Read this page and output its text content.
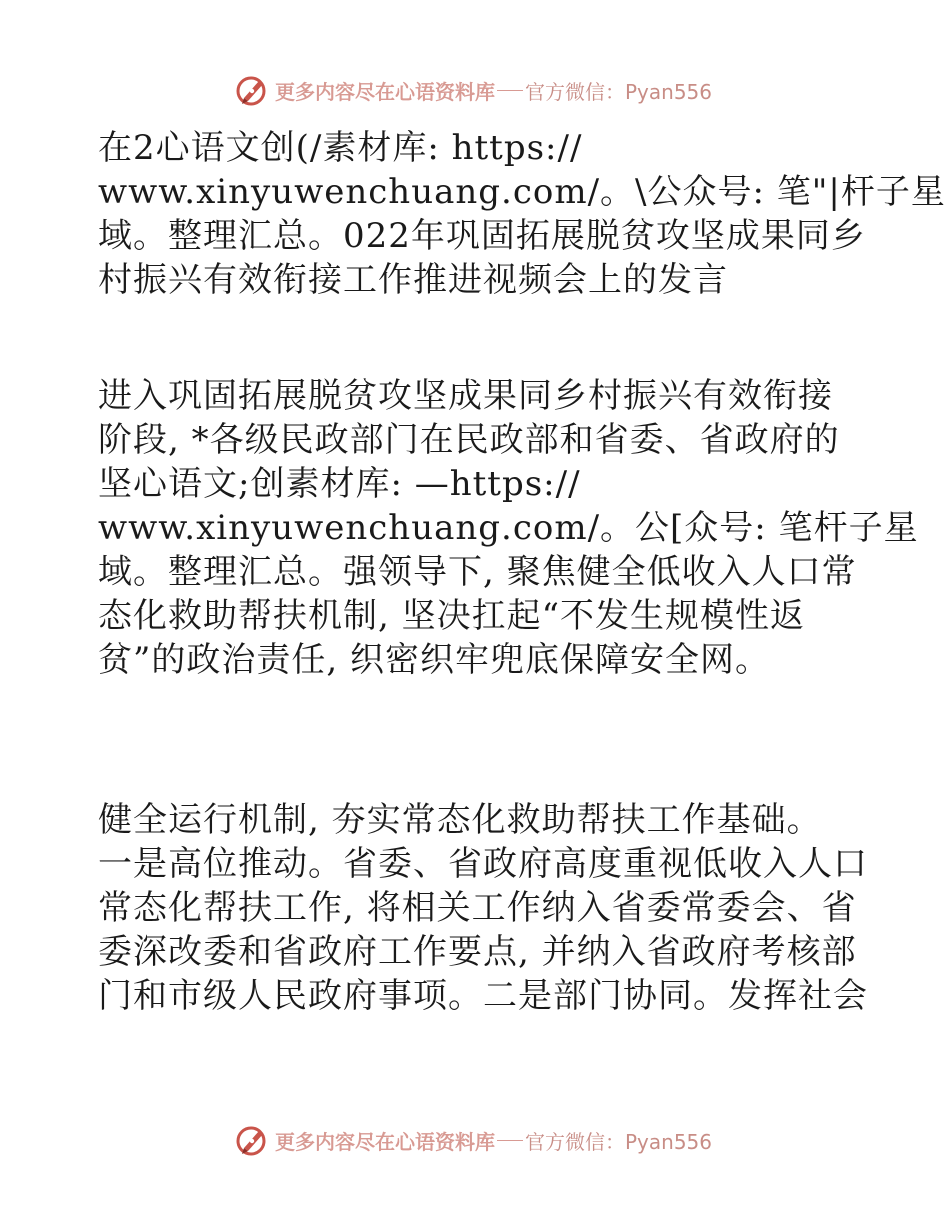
更多内容尽在心语资料库 官方微信：Pyan556

在2心语文创(/素材库: https://
www.xinyuwenchuang.com/。\公众号: 笔"|杆子星
域。整理汇总。022年巩固拓展脱贫攻坚成果同乡
村振兴有效衔接工作推进视频会上的发言

进入巩固拓展脱贫攻坚成果同乡村振兴有效衔接
阶段, *各级民政部门在民政部和省委、省政府的
坚心语文;创素材库: —https://
www.xinyuwenchuang.com/。公[众号: 笔杆子星
域。整理汇总。强领导下, 聚焦健全低收入人口常
态化救助帮扶机制, 坚决扛起“不发生规模性返
贫”的政治责任, 织密织牢兜底保障安全网。

健全运行机制, 夯实常态化救助帮扶工作基础。
一是高位推动。省委、省政府高度重视低收入人口
常态化帮扶工作, 将相关工作纳入省委常委会、省
委深改委和省政府工作要点, 并纳入省政府考核部
门和市级人民政府事项。二是部门协同。发挥社会

更多内容尽在心语资料库 官方微信：Pyan556
